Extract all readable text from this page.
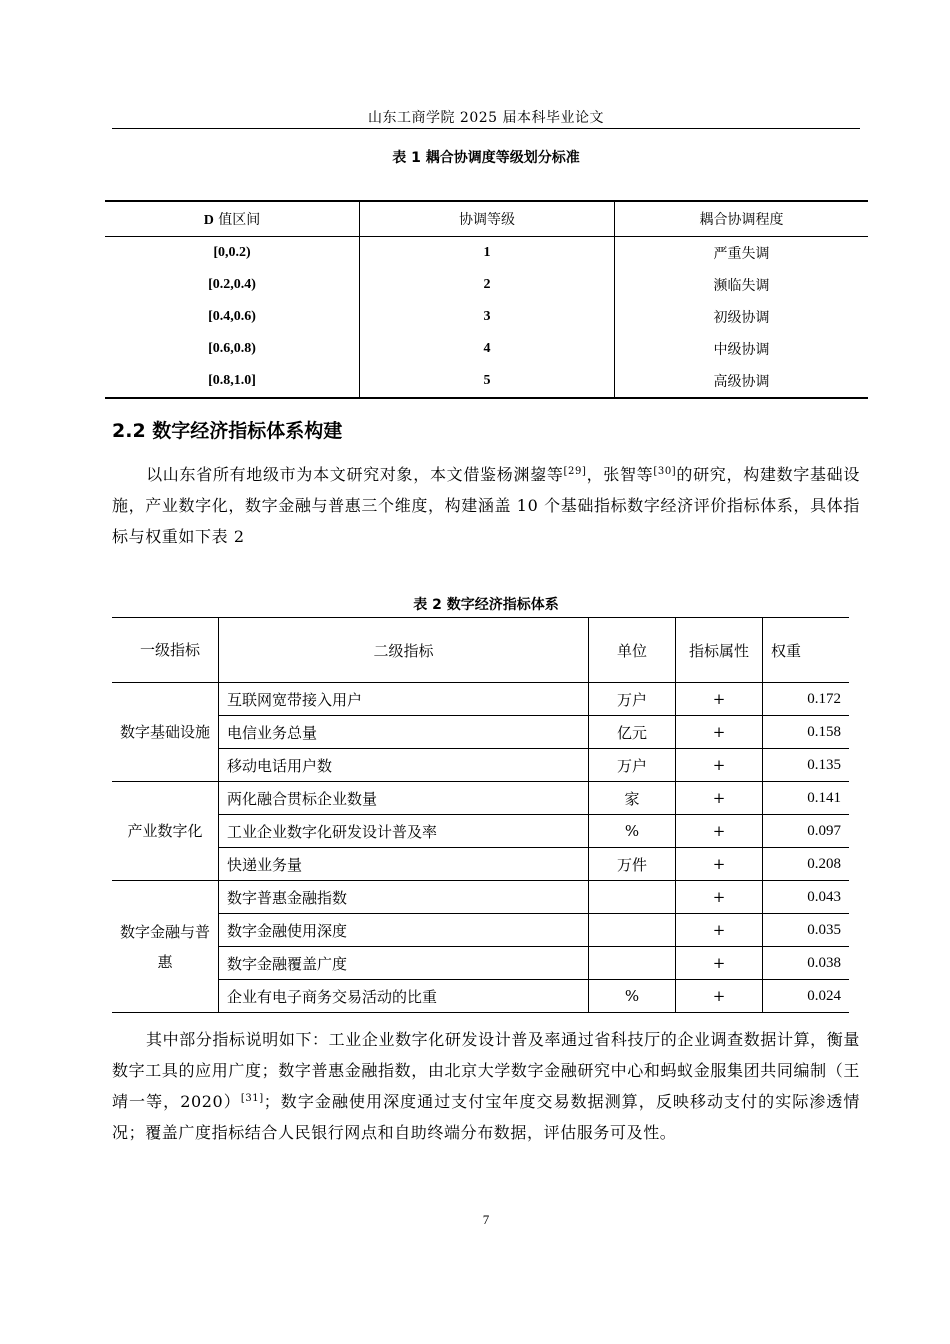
山东工商学院 2025 届本科毕业论文
表 1 耦合协调度等级划分标准
D 值区间	协调等级	耦合协调程度
[0,0.2)	1	严重失调
[0.2,0.4)	2	濒临失调
[0.4,0.6)	3	初级协调
[0.6,0.8)	4	中级协调
[0.8,1.0]	5	高级协调
2.2 数字经济指标体系构建
以山东省所有地级市为本文研究对象，本文借鉴杨渊鋆等[29]，张智等[30]的研究，构建数字基础设施，产业数字化，数字金融与普惠三个维度，构建涵盖 10 个基础指标数字经济评价指标体系，具体指标与权重如下表 2
表 2 数字经济指标体系
一级指标	二级指标	单位	指标属性	权重
数字基础设施	互联网宽带接入用户	万户	+	0.172
	电信业务总量	亿元	+	0.158
	移动电话用户数	万户	+	0.135
产业数字化	两化融合贯标企业数量	家	+	0.141
	工业企业数字化研发设计普及率	%	+	0.097
	快递业务量	万件	+	0.208
数字金融与普惠	数字普惠金融指数		+	0.043
	数字金融使用深度		+	0.035
	数字金融覆盖广度		+	0.038
	企业有电子商务交易活动的比重	%	+	0.024
其中部分指标说明如下：工业企业数字化研发设计普及率通过省科技厅的企业调查数据计算，衡量数字工具的应用广度；数字普惠金融指数，由北京大学数字金融研究中心和蚂蚁金服集团共同编制（王靖一等，2020）[31]；数字金融使用深度通过支付宝年度交易数据测算，反映移动支付的实际渗透情况；覆盖广度指标结合人民银行网点和自助终端分布数据，评估服务可及性。
7
